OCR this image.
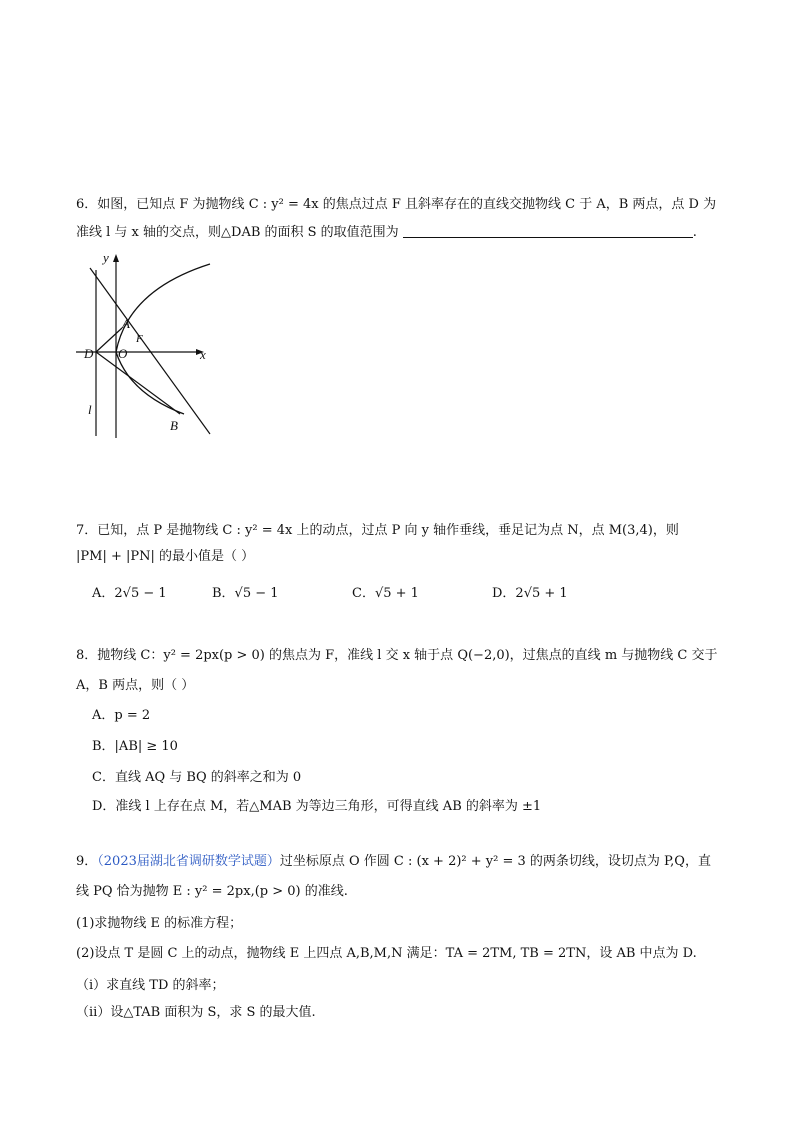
6．如图，已知点 F 为抛物线 C : y² = 4x 的焦点过点 F 且斜率存在的直线交抛物线 C 于 A，B 两点，点 D 为
准线 l 与 x 轴的交点，则△DAB 的面积 S 的取值范围为	.
y
x
A
F
D O
l
B
7．已知，点 P 是抛物线 C : y² = 4x 上的动点，过点 P 向 y 轴作垂线，垂足记为点 N，点 M(3,4)，则
|PM| + |PN| 的最小值是（ ）
A．2√5 − 1	B．√5 − 1	C．√5 + 1	D．2√5 + 1
8．抛物线 C：y² = 2px(p > 0) 的焦点为 F，准线 l 交 x 轴于点 Q(−2,0)，过焦点的直线 m 与抛物线 C 交于
A，B 两点，则（ ）
A．p = 2
B．|AB| ≥ 10
C．直线 AQ 与 BQ 的斜率之和为 0
D．准线 l 上存在点 M，若△MAB 为等边三角形，可得直线 AB 的斜率为 ±1
9．（2023届湖北省调研数学试题）过坐标原点 O 作圆 C : (x + 2)² + y² = 3 的两条切线，设切点为 P,Q，直
线 PQ 恰为抛物 E : y² = 2px,(p > 0) 的准线.
(1)求抛物线 E 的标准方程；
(2)设点 T 是圆 C 上的动点，抛物线 E 上四点 A,B,M,N 满足：TA = 2TM, TB = 2TN，设 AB 中点为 D.
（i）求直线 TD 的斜率；
（ii）设△TAB 面积为 S，求 S 的最大值.
